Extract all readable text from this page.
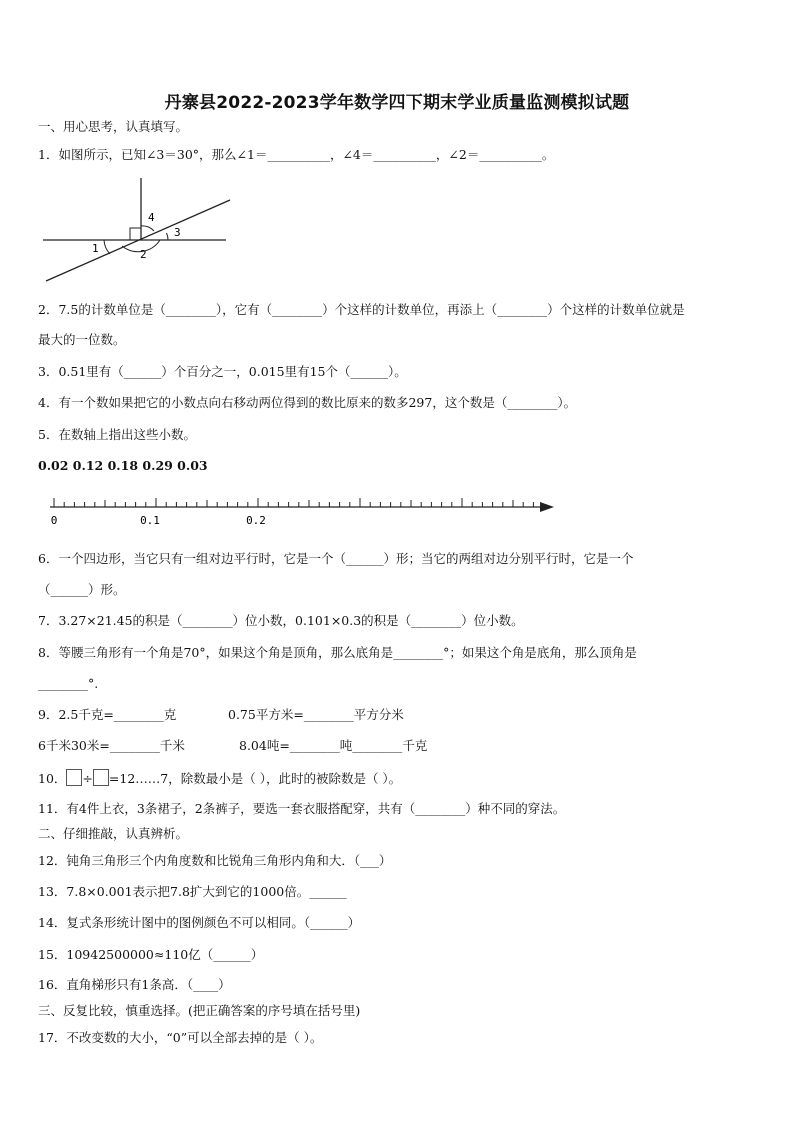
丹寨县2022-2023学年数学四下期末学业质量监测模拟试题
一、用心思考，认真填写。
1．如图所示，已知∠3＝30°，那么∠1＝__________，∠4＝__________，∠2＝__________。
4
3
1	2
2．7.5的计数单位是（________），它有（________）个这样的计数单位，再添上（________）个这样的计数单位就是
最大的一位数。
3．0.51里有（______）个百分之一，0.015里有15个（______）。
4．有一个数如果把它的小数点向右移动两位得到的数比原来的数多297，这个数是（________）。
5．在数轴上指出这些小数。
0.02 0.12 0.18 0.29 0.03
0	0.1	0.2
6．一个四边形，当它只有一组对边平行时，它是一个（______）形；当它的两组对边分别平行时，它是一个
（______）形。
7．3.27×21.45的积是（________）位小数，0.101×0.3的积是（________）位小数。
8．等腰三角形有一个角是70°，如果这个角是顶角，那么底角是________°；如果这个角是底角，那么顶角是
________°.
9．2.5千克=________克	0.75平方米=________平方分米
6千米30米=________千米	8.04吨=________吨________千克
10． ÷ =12……7，除数最小是（ ），此时的被除数是（ ）。
11．有4件上衣，3条裙子，2条裤子，要选一套衣服搭配穿，共有（________）种不同的穿法。
二、仔细推敲，认真辨析。
12．钝角三角形三个内角度数和比锐角三角形内角和大．（___）
13．7.8×0.001表示把7.8扩大到它的1000倍。______
14．复式条形统计图中的图例颜色不可以相同。（______）
15．10942500000≈110亿（______）
16．直角梯形只有1条高．（____）
三、反复比较，慎重选择。(把正确答案的序号填在括号里)
17．不改变数的大小，“0”可以全部去掉的是（ ）。
